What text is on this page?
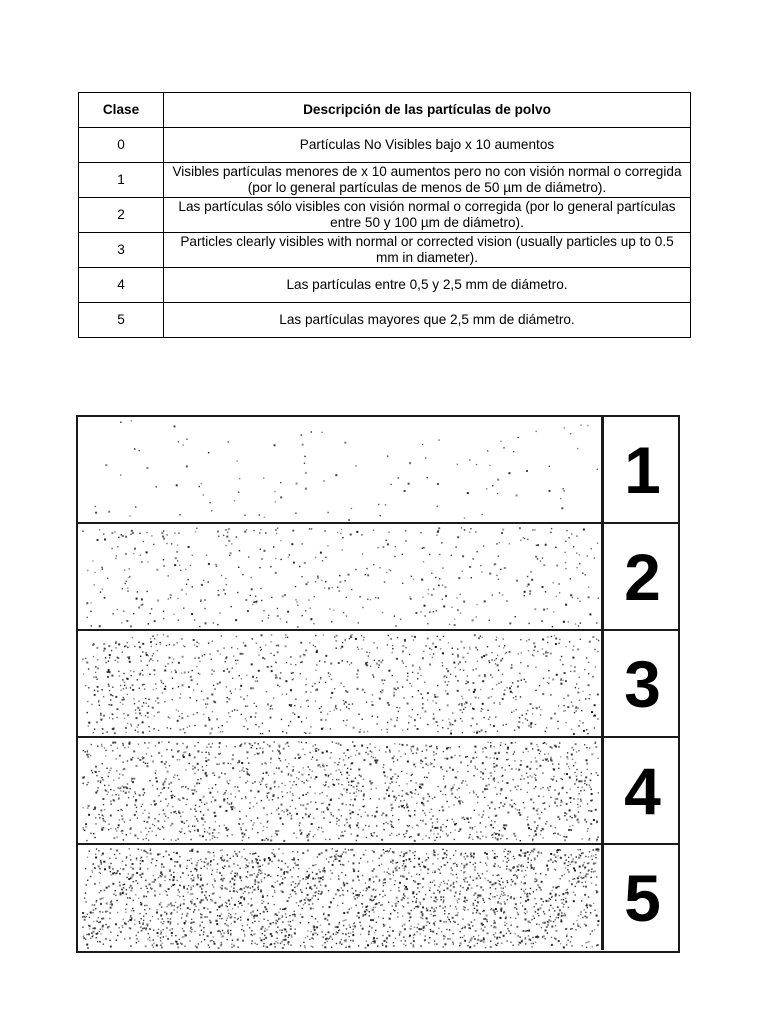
Clase	Descripción de las partículas de polvo
0	Partículas No Visibles bajo x 10 aumentos
1	Visibles partículas menores de x 10 aumentos pero no con visión normal o corregida (por lo general partículas de menos de 50 µm de diámetro).
2	Las partículas sólo visibles con visión normal o corregida (por lo general partículas entre 50 y 100 µm de diámetro).
3	Particles clearly visibles with normal or corrected vision (usually particles up to 0.5 mm in diameter).
4	Las partículas entre 0,5 y 2,5 mm de diámetro.
5	Las partículas mayores que 2,5 mm de diámetro.
1
2
3
4
5
